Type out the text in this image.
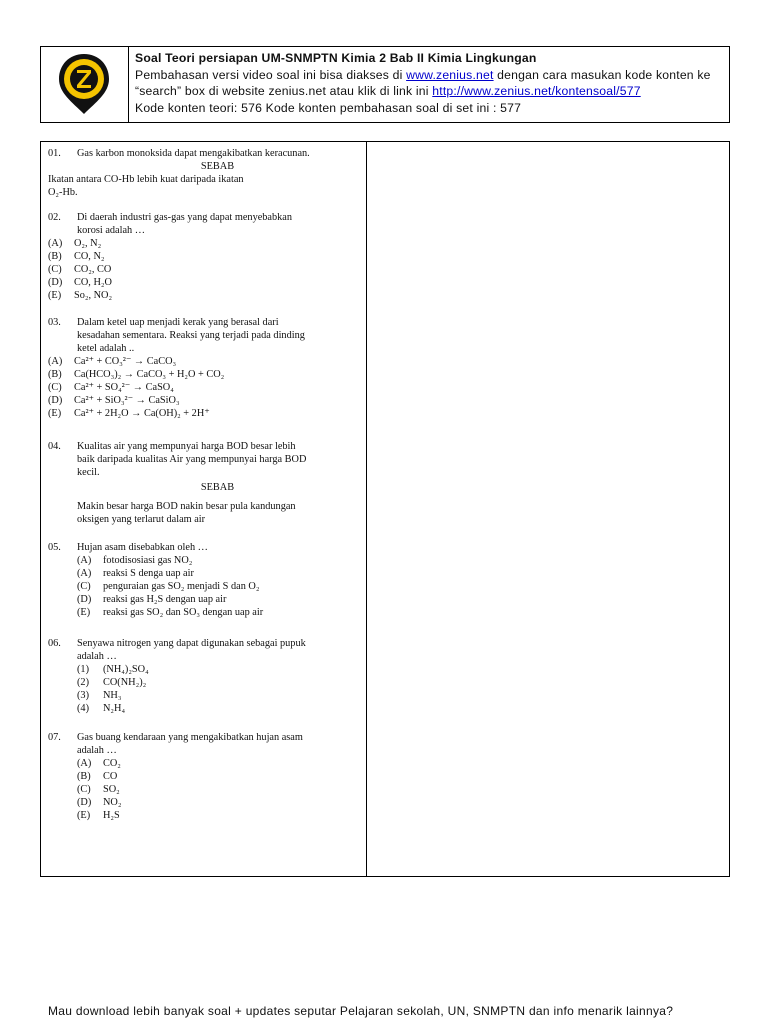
Soal Teori persiapan UM-SNMPTN Kimia 2 Bab II Kimia Lingkungan
Pembahasan versi video soal ini bisa diakses di www.zenius.net dengan cara masukan kode konten ke
“search” box di website zenius.net atau klik di link ini http://www.zenius.net/kontensoal/577
Kode konten teori: 576 Kode konten pembahasan soal di set ini : 577
01. Gas karbon monoksida dapat mengakibatkan keracunan.
SEBAB
Ikatan antara CO-Hb lebih kuat daripada ikatan
O₂-Hb.
02. Di daerah industri gas-gas yang dapat menyebabkan
korosi adalah …
(A) O₂, N₂
(B) CO, N₂
(C) CO₂, CO
(D) CO, H₂O
(E) So₂, NO₂
03. Dalam ketel uap menjadi kerak yang berasal dari
kesadahan sementara. Reaksi yang terjadi pada dinding
ketel adalah ..
(A) Ca²⁺ + CO₃²⁻ → CaCO₃
(B) Ca(HCO₃)₂ → CaCO₃ + H₂O + CO₂
(C) Ca²⁺ + SO₄²⁻ → CaSO₄
(D) Ca²⁺ + SiO₃²⁻ → CaSiO₃
(E) Ca²⁺ + 2H₂O → Ca(OH)₂ + 2H⁺
04. Kualitas air yang mempunyai harga BOD besar lebih
baik daripada kualitas Air yang mempunyai harga BOD
kecil.
SEBAB
Makin besar harga BOD nakin besar pula kandungan
oksigen yang terlarut dalam air
05. Hujan asam disebabkan oleh …
(A) fotodisosiasi gas NO₂
(A) reaksi S denga uap air
(C) penguraian gas SO₂ menjadi S dan O₂
(D) reaksi gas H₂S dengan uap air
(E) reaksi gas SO₂ dan SO₃ dengan uap air
06. Senyawa nitrogen yang dapat digunakan sebagai pupuk
adalah …
(1) (NH₄)₂SO₄
(2) CO(NH₂)₂
(3) NH₃
(4) N₂H₄
07. Gas buang kendaraan yang mengakibatkan hujan asam
adalah …
(A) CO₂
(B) CO
(C) SO₂
(D) NO₂
(E) H₂S
Mau download lebih banyak soal + updates seputar Pelajaran sekolah, UN, SNMPTN dan info menarik lainnya?
